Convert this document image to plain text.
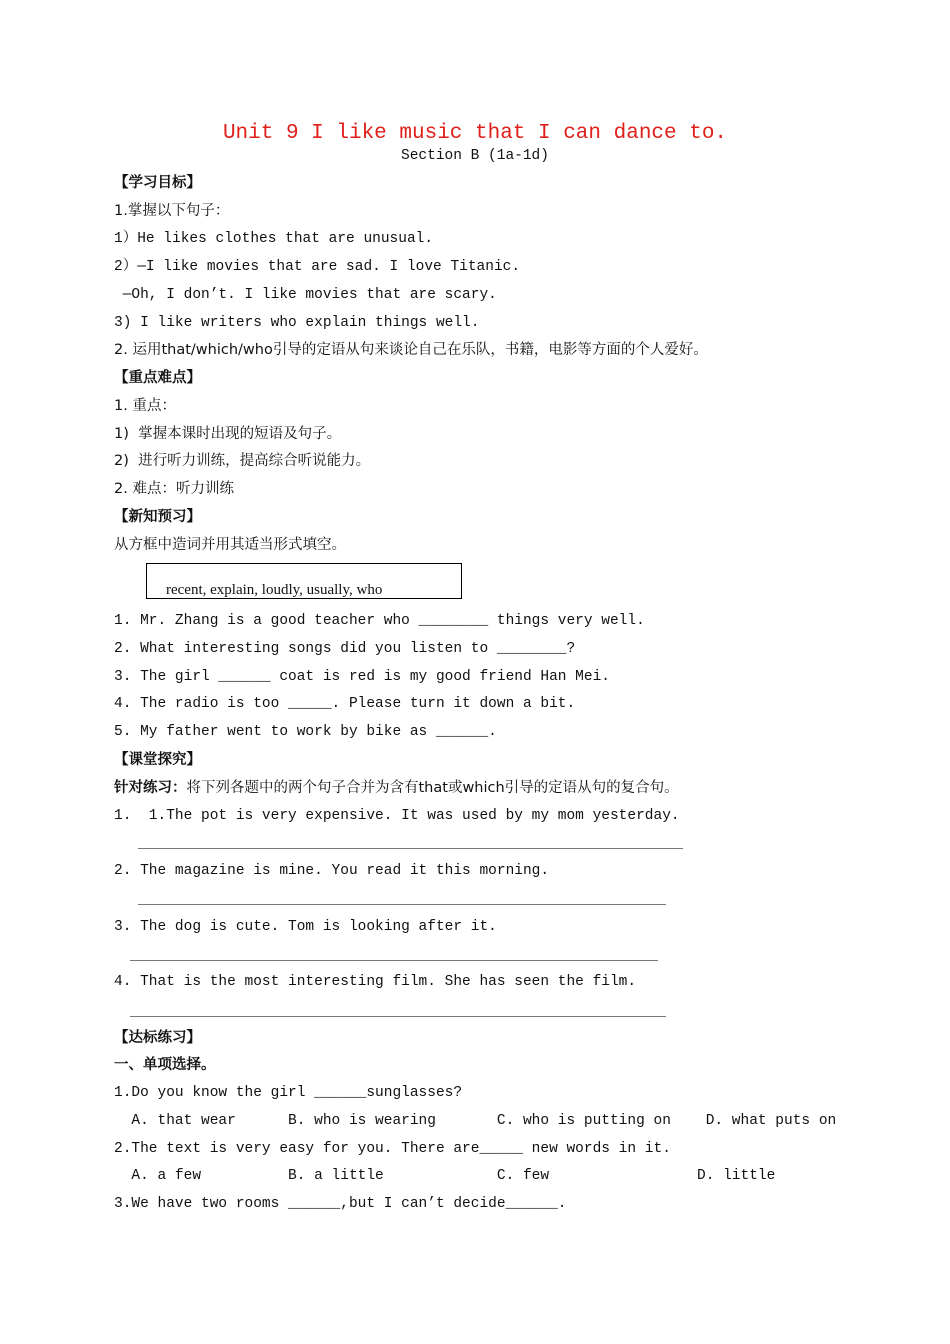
Unit 9 I like music that I can dance to.
Section B (1a-1d)
【学习目标】
1.掌握以下句子：
1）He likes clothes that are unusual.
2）—I like movies that are sad. I love Titanic.
—Oh, I don’t. I like movies that are scary.
3) I like writers who explain things well.
2. 运用that/which/who引导的定语从句来谈论自己在乐队，书籍，电影等方面的个人爱好。
【重点难点】
1. 重点：
1)  掌握本课时出现的短语及句子。
2)  进行听力训练，提高综合听说能力。
2. 难点：听力训练
【新知预习】
从方框中造词并用其适当形式填空。
recent, explain, loudly, usually, who
1. Mr. Zhang is a good teacher who ________ things very well.
2. What interesting songs did you listen to ________?
3. The girl ______ coat is red is my good friend Han Mei.
4. The radio is too _____. Please turn it down a bit.
5. My father went to work by bike as ______.
【课堂探究】
针对练习：将下列各题中的两个句子合并为含有that或which引导的定语从句的复合句。
1.  1.The pot is very expensive. It was used by my mom yesterday.
2. The magazine is mine. You read it this morning.
3. The dog is cute. Tom is looking after it.
4. That is the most interesting film. She has seen the film.
【达标练习】
一、单项选择。
1.Do you know the girl ______sunglasses?
A. that wear      B. who is wearing       C. who is putting on    D. what puts on
2.The text is very easy for you. There are_____ new words in it.
A. a few          B. a little             C. few                 D. little
3.We have two rooms ______,but I can’t decide______.
